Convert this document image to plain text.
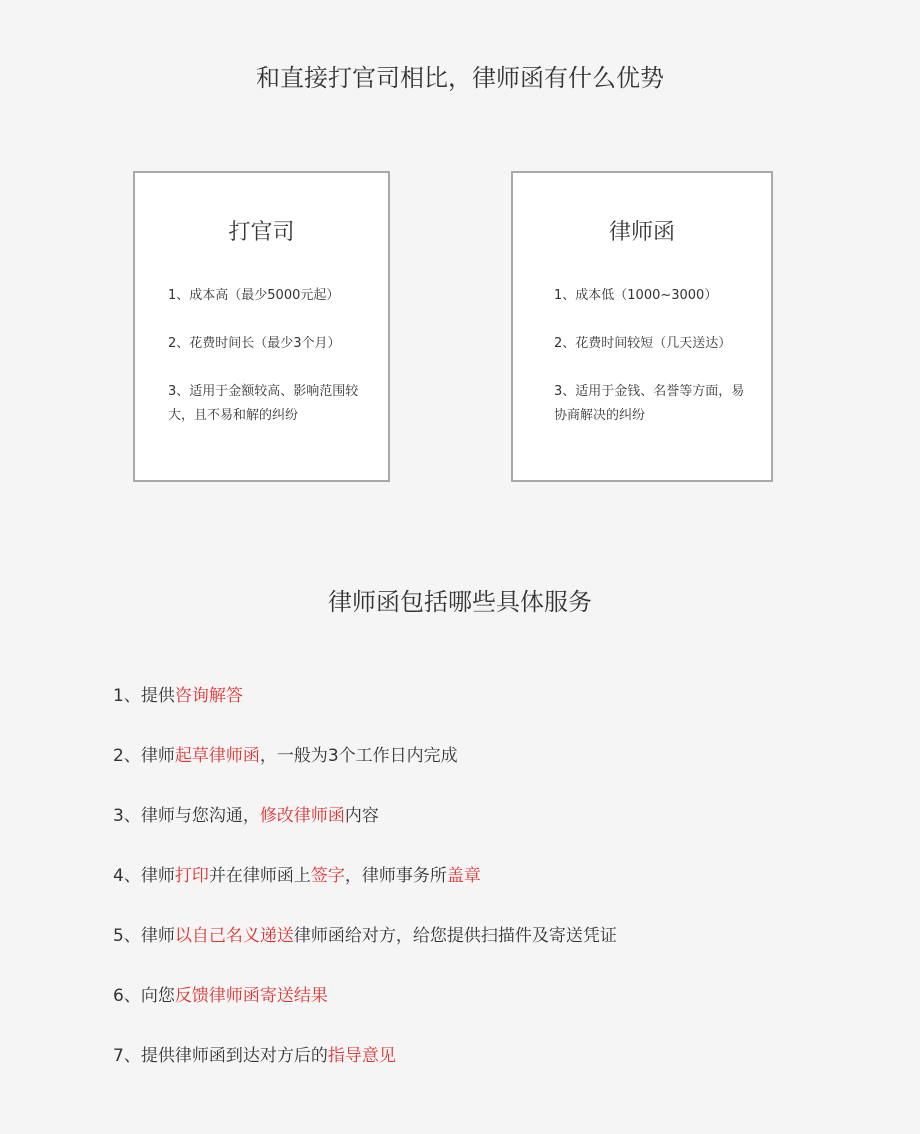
和直接打官司相比，律师函有什么优势
打官司
1、成本高（最少5000元起）
2、花费时间长（最少3个月）
3、适用于金额较高、影响范围较大，且不易和解的纠纷
律师函
1、成本低（1000~3000）
2、花费时间较短（几天送达）
3、适用于金钱、名誉等方面，易协商解决的纠纷
律师函包括哪些具体服务
1、提供咨询解答
2、律师起草律师函，一般为3个工作日内完成
3、律师与您沟通，修改律师函内容
4、律师打印并在律师函上签字，律师事务所盖章
5、律师以自己名义递送律师函给对方，给您提供扫描件及寄送凭证
6、向您反馈律师函寄送结果
7、提供律师函到达对方后的指导意见
